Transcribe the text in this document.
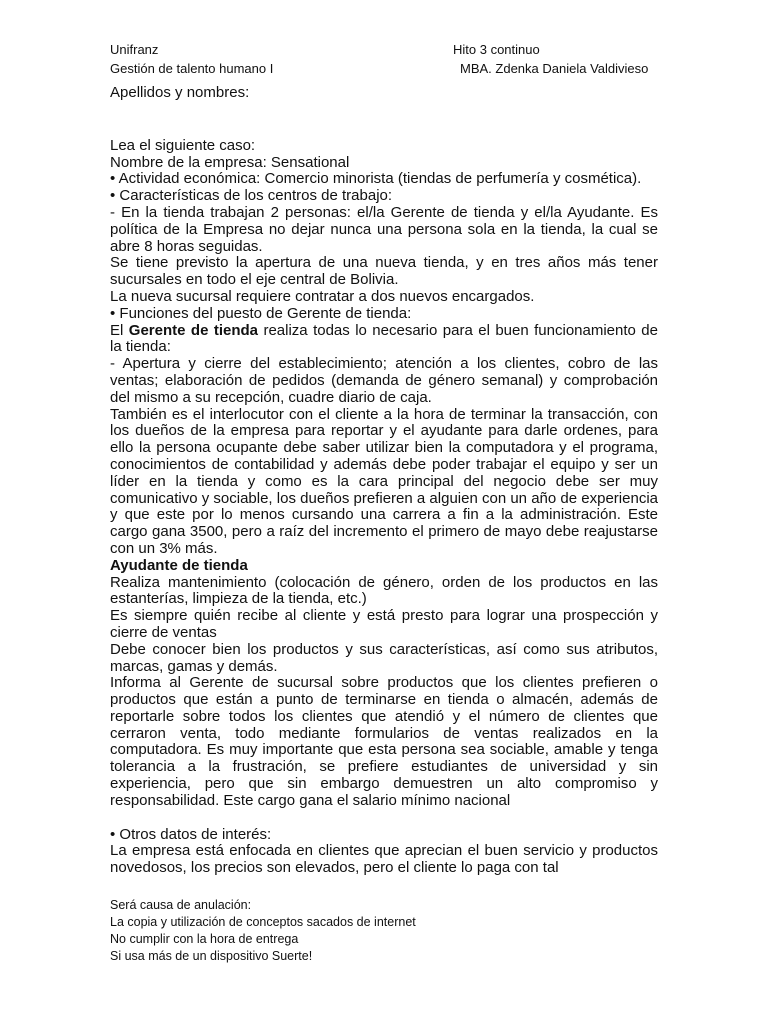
Unifranz	Hito 3 continuo
Gestión de talento humano I	MBA. Zdenka Daniela Valdivieso

Apellidos y nombres:

Lea el siguiente caso:

Nombre de la empresa: Sensational

• Actividad económica: Comercio minorista (tiendas de perfumería y cosmética).

• Características de los centros de trabajo:

- En la tienda trabajan 2 personas: el/la Gerente de tienda y el/la Ayudante. Es política de la Empresa no dejar nunca una persona sola en la tienda, la cual se abre 8 horas seguidas.

Se tiene previsto la apertura de una nueva tienda, y en tres años más tener sucursales en todo el eje central de Bolivia.

La nueva sucursal requiere contratar a dos nuevos encargados.

• Funciones del puesto de Gerente de tienda:

El Gerente de tienda realiza todas lo necesario para el buen funcionamiento de la tienda:

- Apertura y cierre del establecimiento; atención a los clientes, cobro de las ventas; elaboración de pedidos (demanda de género semanal) y comprobación del mismo a su recepción, cuadre diario de caja.

También es el interlocutor con el cliente a la hora de terminar la transacción, con los dueños de la empresa para reportar y el ayudante para darle ordenes, para ello la persona ocupante debe saber utilizar bien la computadora y el programa, conocimientos de contabilidad y además debe poder trabajar el equipo y ser un líder en la tienda y como es la cara principal del negocio debe ser muy comunicativo y sociable, los dueños prefieren a alguien con un año de experiencia y que este por lo menos cursando una carrera a fin a la administración. Este cargo gana 3500, pero a raíz del incremento el primero de mayo debe reajustarse con un 3% más.

Ayudante de tienda

Realiza mantenimiento (colocación de género, orden de los productos en las estanterías, limpieza de la tienda, etc.)

Es siempre quién recibe al cliente y está presto para lograr una prospección y cierre de ventas

Debe conocer bien los productos y sus características, así como sus atributos, marcas, gamas y demás.

Informa al Gerente de sucursal sobre productos que los clientes prefieren o productos que están a punto de terminarse en tienda o almacén, además de reportarle sobre todos los clientes que atendió y el número de clientes que cerraron venta, todo mediante formularios de ventas realizados en la computadora. Es muy importante que esta persona sea sociable, amable y tenga tolerancia a la frustración, se prefiere estudiantes de universidad y sin experiencia, pero que sin embargo demuestren un alto compromiso y responsabilidad. Este cargo gana el salario mínimo nacional

• Otros datos de interés:

La empresa está enfocada en clientes que aprecian el buen servicio y productos novedosos, los precios son elevados, pero el cliente lo paga con tal

Será causa de anulación:

La copia y utilización de conceptos sacados de internet

No cumplir con la hora de entrega

Si usa más de un dispositivo Suerte!
